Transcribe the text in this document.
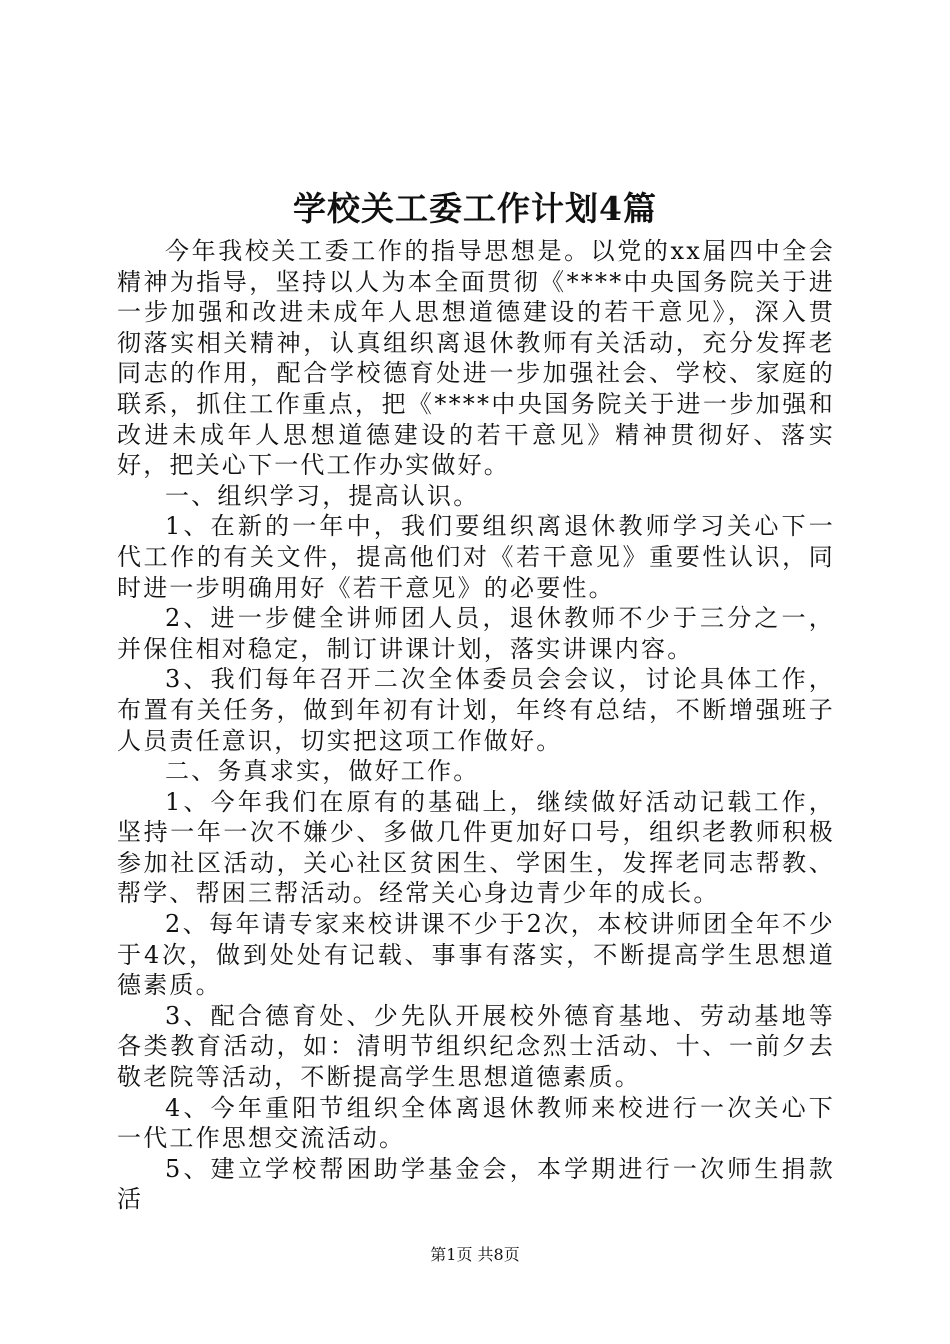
学校关工委工作计划4篇

今年我校关工委工作的指导思想是。以党的xx届四中全会精神为指导，坚持以人为本全面贯彻《****中央国务院关于进一步加强和改进未成年人思想道德建设的若干意见》，深入贯彻落实相关精神，认真组织离退休教师有关活动，充分发挥老同志的作用，配合学校德育处进一步加强社会、学校、家庭的联系，抓住工作重点，把《****中央国务院关于进一步加强和改进未成年人思想道德建设的若干意见》精神贯彻好、落实好，把关心下一代工作办实做好。

一、组织学习，提高认识。

1、在新的一年中，我们要组织离退休教师学习关心下一代工作的有关文件，提高他们对《若干意见》重要性认识，同时进一步明确用好《若干意见》的必要性。

2、进一步健全讲师团人员，退休教师不少于三分之一，并保住相对稳定，制订讲课计划，落实讲课内容。

3、我们每年召开二次全体委员会会议，讨论具体工作，布置有关任务，做到年初有计划，年终有总结，不断增强班子人员责任意识，切实把这项工作做好。

二、务真求实，做好工作。

1、今年我们在原有的基础上，继续做好活动记载工作，坚持一年一次不嫌少、多做几件更加好口号，组织老教师积极参加社区活动，关心社区贫困生、学困生，发挥老同志帮教、帮学、帮困三帮活动。经常关心身边青少年的成长。

2、每年请专家来校讲课不少于2次，本校讲师团全年不少于4次，做到处处有记载、事事有落实，不断提高学生思想道德素质。

3、配合德育处、少先队开展校外德育基地、劳动基地等各类教育活动，如：清明节组织纪念烈士活动、十、一前夕去敬老院等活动，不断提高学生思想道德素质。

4、今年重阳节组织全体离退休教师来校进行一次关心下一代工作思想交流活动。

5、建立学校帮困助学基金会，本学期进行一次师生捐款活

第1页 共8页
